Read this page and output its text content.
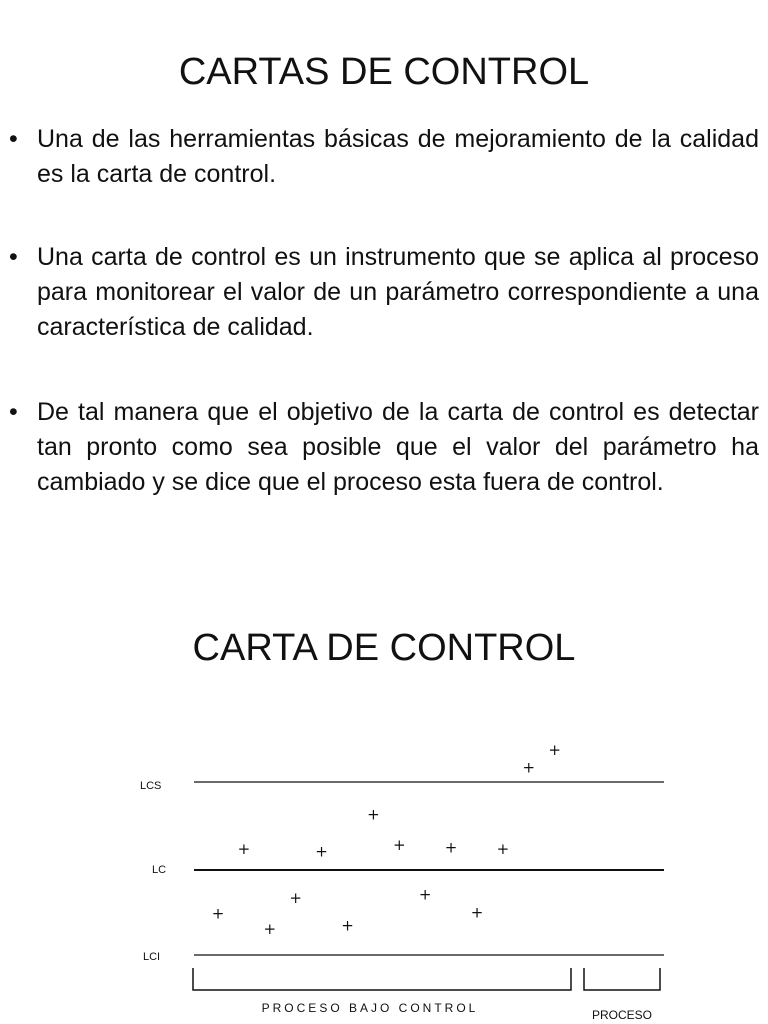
CARTAS DE CONTROL
• Una de las herramientas básicas de mejoramiento de la calidad es la carta de control.
• Una carta de control es un instrumento que se aplica al proceso para monitorear el valor de un parámetro correspondiente a una característica de calidad.
• De tal manera que el objetivo de la carta de control es detectar tan pronto como sea posible que el valor del parámetro ha cambiado y se dice que el proceso esta fuera de control.
CARTA DE CONTROL
LCS
LC
LCI
+
+
+
+
+
+
+
+
+
+
+
+
+
+
PROCESO BAJO CONTROL	PROCESO
